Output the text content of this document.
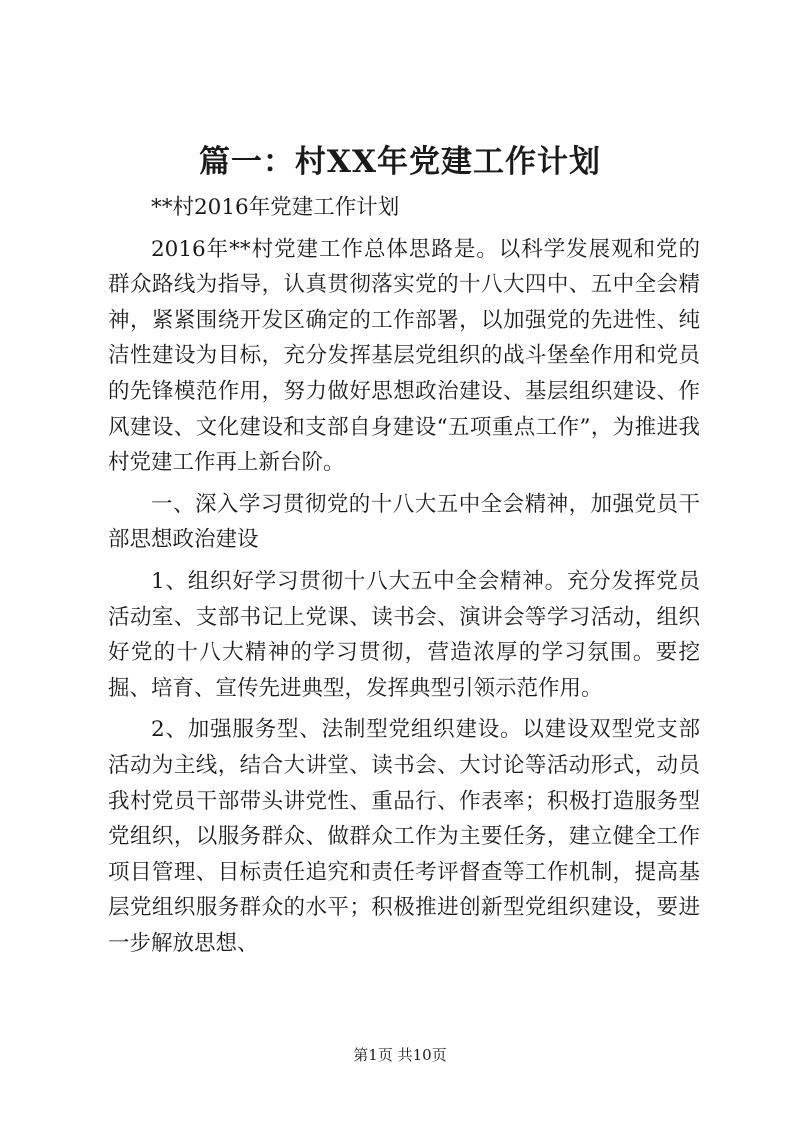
篇一：村XX年党建工作计划

**村2016年党建工作计划

2016年**村党建工作总体思路是。以科学发展观和党的群众路线为指导，认真贯彻落实党的十八大四中、五中全会精神，紧紧围绕开发区确定的工作部署，以加强党的先进性、纯洁性建设为目标，充分发挥基层党组织的战斗堡垒作用和党员的先锋模范作用，努力做好思想政治建设、基层组织建设、作风建设、文化建设和支部自身建设“五项重点工作”，为推进我村党建工作再上新台阶。

一、深入学习贯彻党的十八大五中全会精神，加强党员干部思想政治建设

1、组织好学习贯彻十八大五中全会精神。充分发挥党员活动室、支部书记上党课、读书会、演讲会等学习活动，组织好党的十八大精神的学习贯彻，营造浓厚的学习氛围。要挖掘、培育、宣传先进典型，发挥典型引领示范作用。

2、加强服务型、法制型党组织建设。以建设双型党支部活动为主线，结合大讲堂、读书会、大讨论等活动形式，动员我村党员干部带头讲党性、重品行、作表率；积极打造服务型党组织，以服务群众、做群众工作为主要任务，建立健全工作项目管理、目标责任追究和责任考评督查等工作机制，提高基层党组织服务群众的水平；积极推进创新型党组织建设，要进一步解放思想、

第1页 共10页
